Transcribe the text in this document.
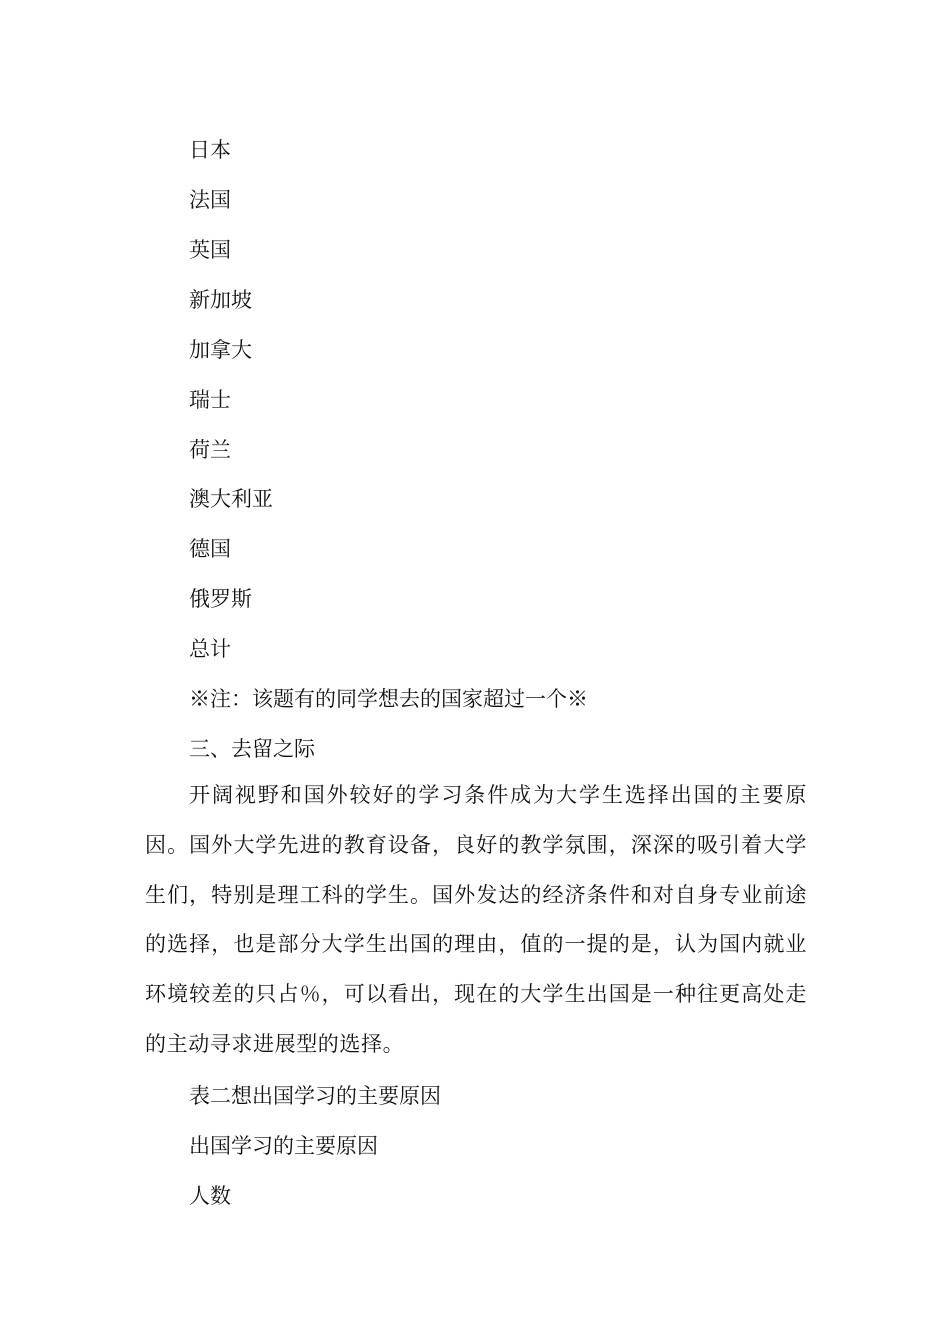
日本

法国

英国

新加坡

加拿大

瑞士

荷兰

澳大利亚

德国

俄罗斯

总计

※注：该题有的同学想去的国家超过一个※

三、去留之际

开阔视野和国外较好的学习条件成为大学生选择出国的主要原因。国外大学先进的教育设备，良好的教学氛围，深深的吸引着大学生们，特别是理工科的学生。国外发达的经济条件和对自身专业前途的选择，也是部分大学生出国的理由，值的一提的是，认为国内就业环境较差的只占％，可以看出，现在的大学生出国是一种往更高处走的主动寻求进展型的选择。

表二想出国学习的主要原因

出国学习的主要原因

人数
